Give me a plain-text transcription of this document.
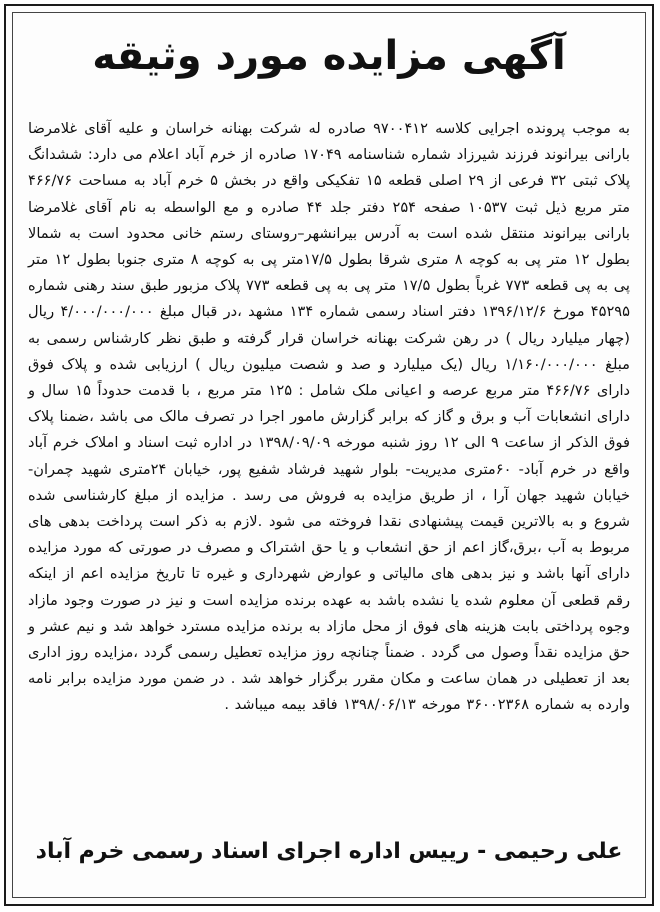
آگهی مزایده مورد وثیقه
به موجب پرونده اجرایی کلاسه ۹۷۰۰۴۱۲ صادره له شرکت بهنانه خراسان و علیه آقای غلامرضا بارانی بیرانوند فرزند شیرزاد شماره شناسنامه ۱۷۰۴۹ صادره از خرم آباد اعلام می دارد: ششدانگ پلاک ثبتی ۳۲ فرعی از ۲۹ اصلی قطعه ۱۵ تفکیکی واقع در بخش ۵ خرم آباد به مساحت ۴۶۶/۷۶ متر مربع ذیل ثبت ۱۰۵۳۷ صفحه ۲۵۴ دفتر جلد ۴۴ صادره و مع الواسطه به نام آقای غلامرضا بارانی بیرانوند منتقل شده است به آدرس بیرانشهر–روستای رستم خانی محدود است به شمالا بطول ۱۲ متر پی به کوچه ۸ متری شرقا بطول ۱۷/۵متر پی به کوچه ۸ متری جنوبا بطول ۱۲ متر پی به پی قطعه ۷۷۳ غرباً بطول ۱۷/۵ متر پی به پی قطعه ۷۷۳ پلاک مزبور طبق سند رهنی شماره ۴۵۲۹۵ مورخ ۱۳۹۶/۱۲/۶ دفتر اسناد رسمی شماره ۱۳۴ مشهد ،در قبال مبلغ ۴/۰۰۰/۰۰۰/۰۰۰ ریال (چهار میلیارد ریال ) در رهن شرکت بهنانه خراسان قرار گرفته و طبق نظر کارشناس رسمی به مبلغ ۱/۱۶۰/۰۰۰/۰۰۰ ریال (یک میلیارد و صد و شصت میلیون ریال ) ارزیابی شده و پلاک فوق دارای ۴۶۶/۷۶ متر مربع عرصه و اعیانی ملک شامل : ۱۲۵ متر مربع ، با قدمت حدوداً ۱۵ سال و دارای انشعابات آب و برق و گاز که برابر گزارش مامور اجرا در تصرف مالک می باشد ،ضمنا پلاک فوق الذکر از ساعت ۹ الی ۱۲ روز شنبه مورخه ۱۳۹۸/۰۹/۰۹ در اداره ثبت اسناد و املاک خرم آباد واقع در خرم آباد- ۶۰متری مدیریت- بلوار شهید فرشاد شفیع پور، خیابان ۲۴متری شهید چمران- خیابان شهید جهان آرا ، از طریق مزایده به فروش می رسد . مزایده از مبلغ کارشناسی شده شروع و به بالاترین قیمت پیشنهادی نقدا فروخته می شود .لازم به ذکر است پرداخت بدهی های مربوط به آب ،برق،گاز اعم از حق انشعاب و یا حق اشتراک و مصرف در صورتی که مورد مزایده دارای آنها باشد و نیز بدهی های مالیاتی و عوارض شهرداری و غیره تا تاریخ مزایده اعم از اینکه رقم قطعی آن معلوم شده یا نشده باشد به عهده برنده مزایده است و نیز در صورت وجود مازاد وجوه پرداختی بابت هزینه های فوق از محل مازاد به برنده مزایده مسترد خواهد شد و نیم عشر و حق مزایده نقداً وصول می گردد . ضمناً چنانچه روز مزایده تعطیل رسمی گردد ،مزایده روز اداری بعد از تعطیلی در همان ساعت و مکان مقرر برگزار خواهد شد . در ضمن مورد مزایده برابر نامه وارده به شماره ۳۶۰۰۲۳۶۸ مورخه ۱۳۹۸/۰۶/۱۳ فاقد بیمه میباشد .
علی رحیمی - رییس اداره اجرای اسناد رسمی خرم آباد
